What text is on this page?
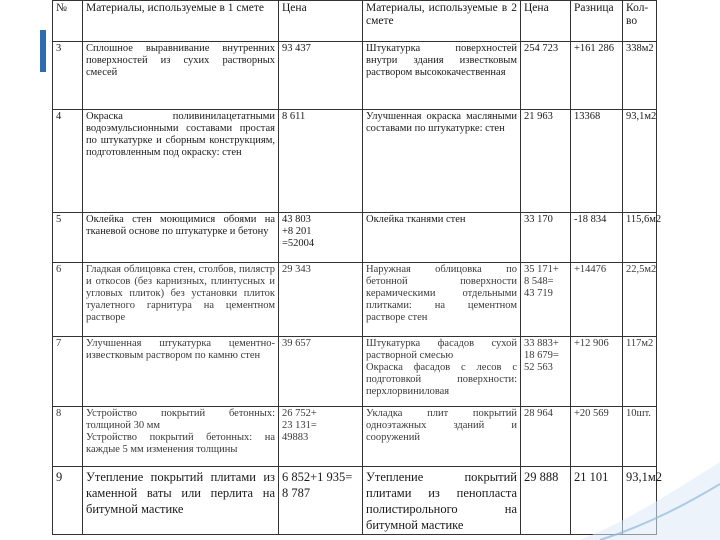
№	Материалы, используемые в 1 смете	Цена	Материалы, используемые в 2 смете	Цена	Разница	Кол-во
3	Сплошное выравнивание внутренних поверхностей из сухих растворных смесей	93 437	Штукатурка поверхностей внутри здания известковым раствором высококачественная	254 723	+161 286	338м2
4	Окраска поливинилацетатными водоэмульсионными составами простая по штукатурке и сборным конструкциям, подготовленным под окраску: стен	8 611	Улучшенная окраска масляными составами по штукатурке: стен	21 963	13368	93,1м2
5	Оклейка стен моющимися обоями на тканевой основе по штукатурке и бетону	43 803
+8 201
=52004	Оклейка тканями стен	33 170	-18 834	115,6м2
6	Гладкая облицовка стен, столбов, пилястр и откосов (без карнизных, плинтусных и угловых плиток) без установки плиток туалетного гарнитура на цементном растворе	29 343	Наружная облицовка по бетонной поверхности керамическими отдельными плитками: на цементном растворе стен	35 171+
8 548=
43 719	+14476	22,5м2
7	Улучшенная штукатурка цементно-известковым раствором по камню стен	39 657	Штукатурка фасадов сухой растворной смесью
Окраска фасадов с лесов с подготовкой поверхности: перхлорвиниловая	33 883+
18 679=
52 563	+12 906	117м2
8	Устройство покрытий бетонных: толщиной 30 мм
Устройство покрытий бетонных: на каждые 5 мм изменения толщины	26 752+
23 131=
49883	Укладка плит покрытий одноэтажных зданий и сооружений	28 964	+20 569	10шт.
9	Утепление покрытий плитами из каменной ваты или перлита на битумной мастике	6 852+1 935=
8 787	Утепление покрытий плитами из пенопласта полистирольного на битумной мастике	29 888	21 101	93,1м2
